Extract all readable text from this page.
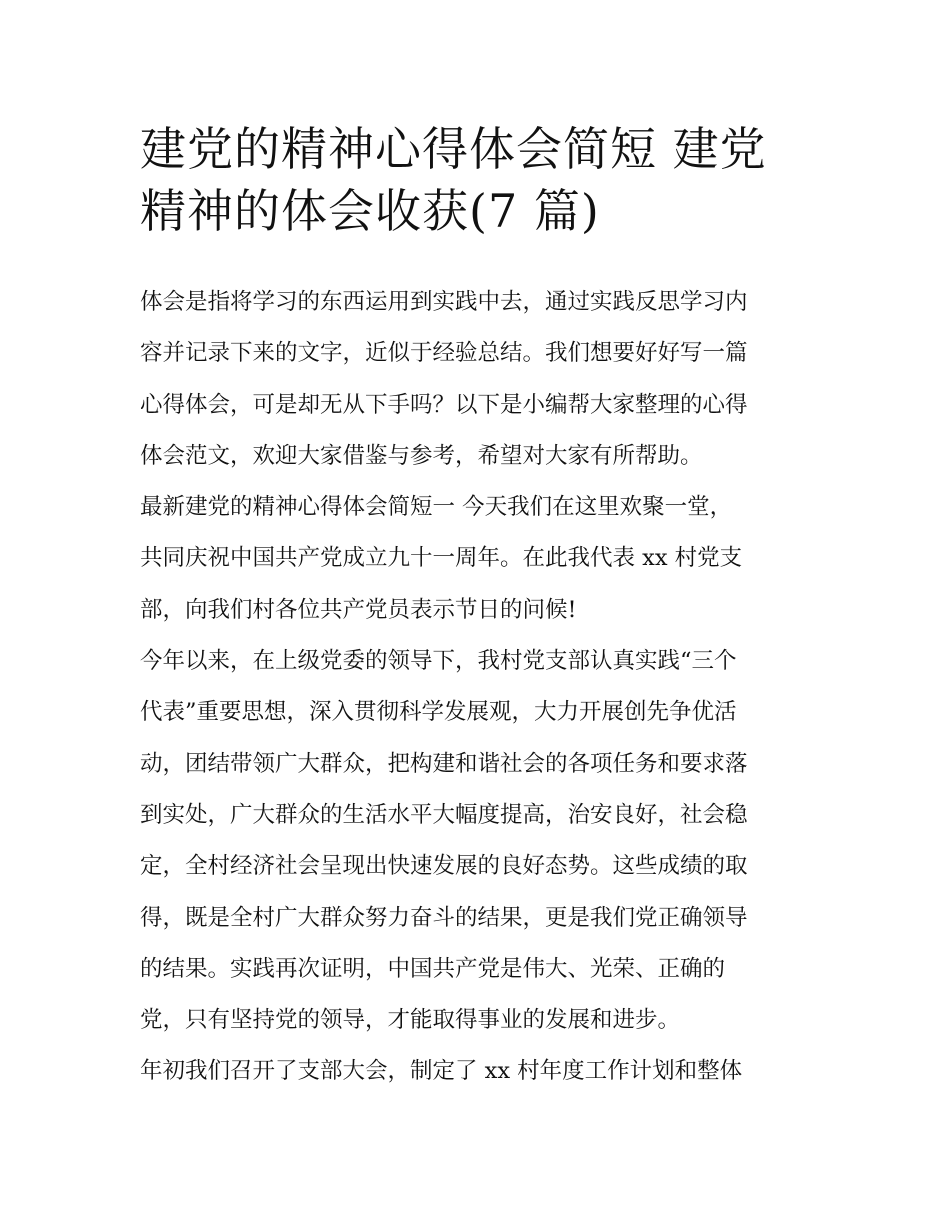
建党的精神心得体会简短 建党
精神的体会收获(7 篇)
体会是指将学习的东西运用到实践中去，通过实践反思学习内
容并记录下来的文字，近似于经验总结。我们想要好好写一篇
心得体会，可是却无从下手吗？以下是小编帮大家整理的心得
体会范文，欢迎大家借鉴与参考，希望对大家有所帮助。
最新建党的精神心得体会简短一 今天我们在这里欢聚一堂，
共同庆祝中国共产党成立九十一周年。在此我代表 xx 村党支
部，向我们村各位共产党员表示节日的问候!
今年以来，在上级党委的领导下，我村党支部认真实践“三个
代表”重要思想，深入贯彻科学发展观，大力开展创先争优活
动，团结带领广大群众，把构建和谐社会的各项任务和要求落
到实处，广大群众的生活水平大幅度提高，治安良好，社会稳
定，全村经济社会呈现出快速发展的良好态势。这些成绩的取
得，既是全村广大群众努力奋斗的结果，更是我们党正确领导
的结果。实践再次证明，中国共产党是伟大、光荣、正确的
党，只有坚持党的领导，才能取得事业的发展和进步。
年初我们召开了支部大会，制定了 xx 村年度工作计划和整体
